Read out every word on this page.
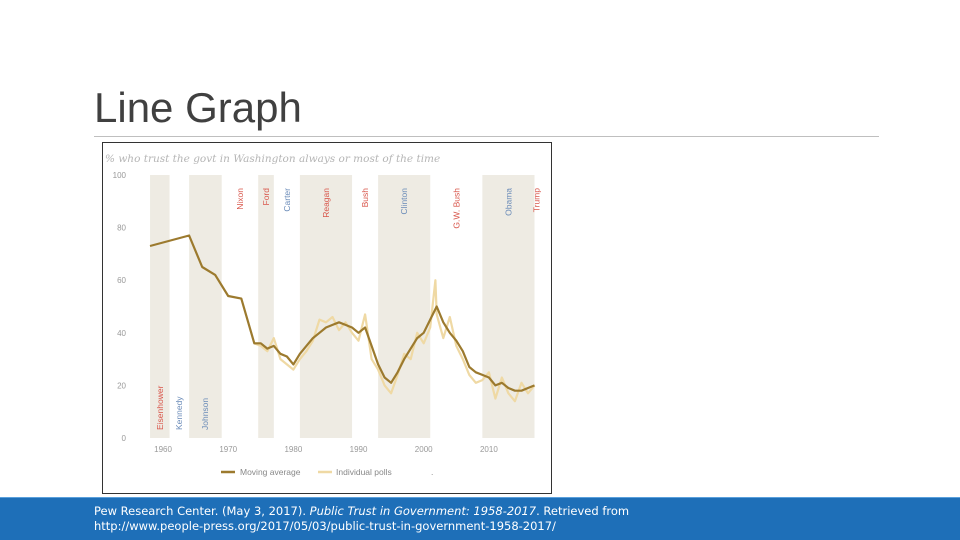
Line Graph
% who trust the govt in Washington always or most of the time
0
20
40
60
80
100
1960	1970	1980	1990	2000	2010
Eisenhower Kennedy Johnson
Nixon Ford Carter	Reagan	Bush	Clinton	G.W. Bush	Obama Trump
Moving average	Individual polls	.
Pew Research Center. (May 3, 2017). Public Trust in Government: 1958-2017. Retrieved from
http://www.people-press.org/2017/05/03/public-trust-in-government-1958-2017/
